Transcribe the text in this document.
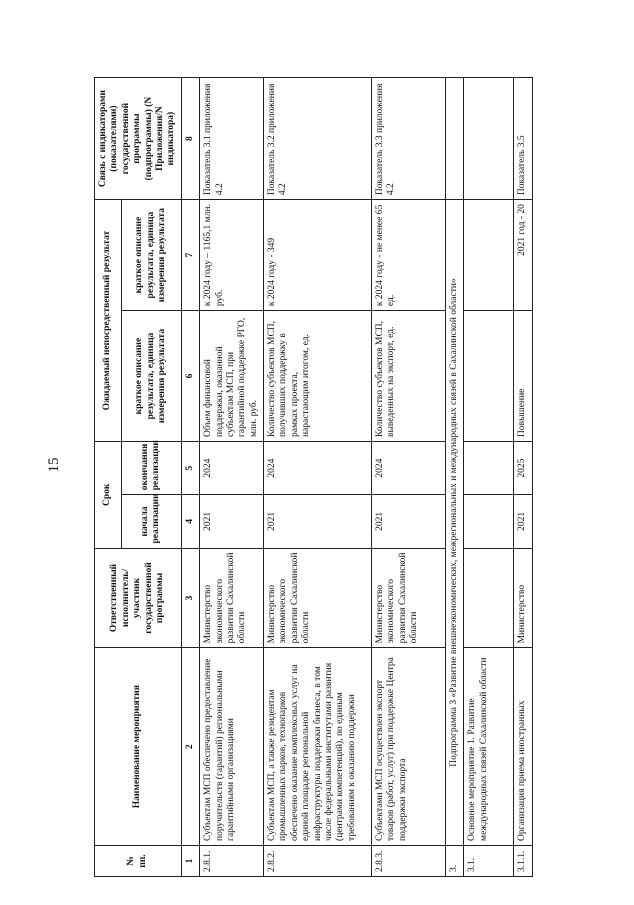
15
№ пп.	Наименование мероприятия	Ответственный исполнитель/участник государственной программы	Срок		Ожидаемый непосредственный результат		Связь с индикаторами (показателями) государственной программы (подпрограммы) (N Приложения/N индикатора)
			начала реализации	окончания реализации	краткое описание результата, единица измерения результата	краткое описание результата, единица измерения результата	
1	2	3	4	5	6	7	8
2.8.1.	Субъектам МСП обеспечено предоставление поручительств (гарантий) региональными гарантийными организациями	Министерство экономического развития Сахалинской области	2021	2024	Объем финансовой поддержки, оказанной субъектам МСП, при гарантийной поддержке РГО, млн. руб.	к 2024 году – 1165,1 млн. руб.	Показатель 3.1 приложения 4.2
2.8.2.	Субъектам МСП, а также резидентам промышленных парков, технопарков обеспечено оказание комплексных услуг на единой площадке региональной инфраструктуры поддержки бизнеса, в том числе федеральными институтами развития (центрами компетенций), по единым требованиям к оказанию поддержки	Министерство экономического развития Сахалинской области	2021	2024	Количество субъектов МСП, получивших поддержку в рамках проекта, нарастающим итогом, ед.	к 2024 году - 349	Показатель 3.2 приложения 4.2
2.8.3.	Субъектами МСП осуществлен экспорт товаров (работ, услуг) при поддержке Центра поддержки экспорта	Министерство экономического развития Сахалинской области	2021	2024	Количество субъектов МСП, выведенных на экспорт, ед.	к 2024 году - не менее 65 ед.	Показатель 3.3 приложения 4.2
3.	Подпрограмма 3 «Развитие внешнеэкономических, межрегиональных и международных связей в Сахалинской области»						
3.1.	Основное мероприятие 1. Развитие международных связей Сахалинской области						
3.1.1.	Организация приема иностранных	Министерство	2021	2025	Повышение	2021 год - 20	Показатель 3.5
